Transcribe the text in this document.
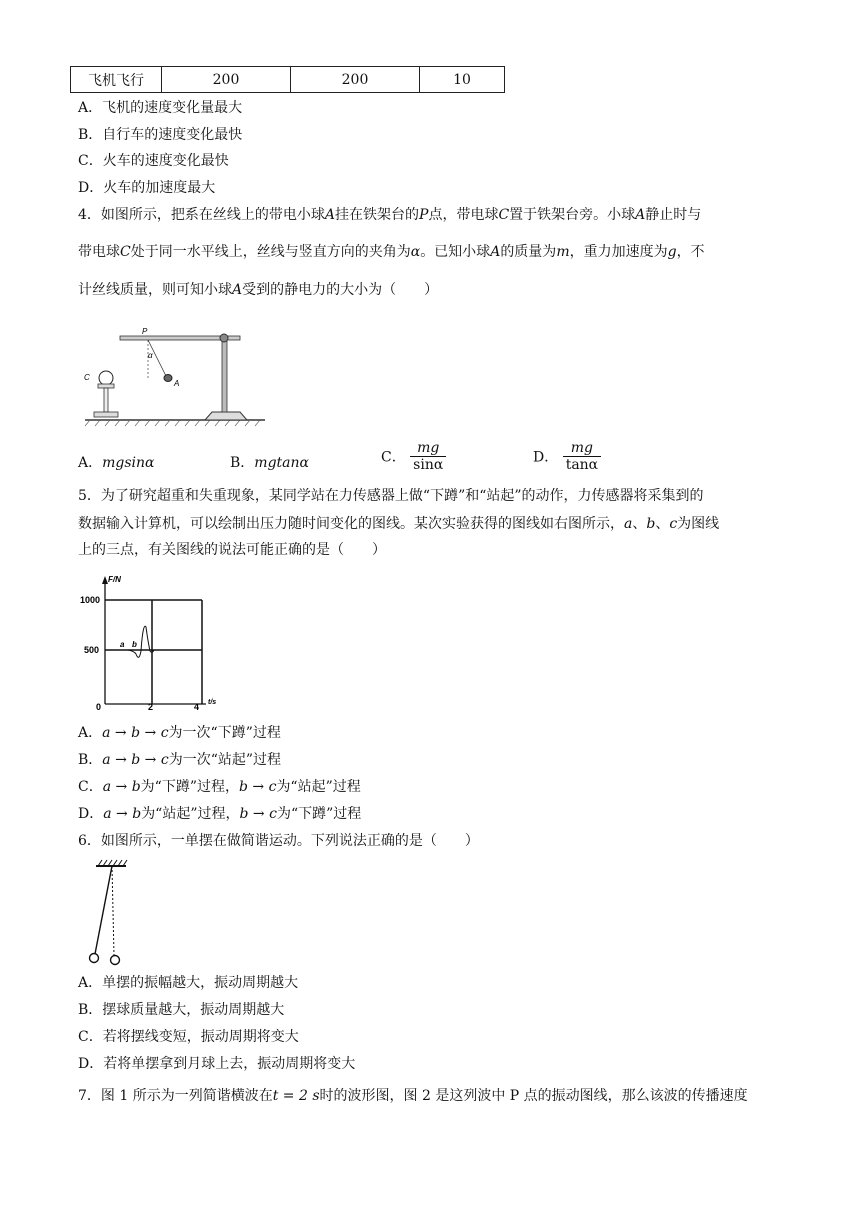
飞机飞行	200	200	10
A．飞机的速度变化量最大
B．自行车的速度变化最快
C．火车的速度变化最快
D．火车的加速度最大
4．如图所示，把系在丝线上的带电小球A挂在铁架台的P点，带电球C置于铁架台旁。小球A静止时与
带电球C处于同一水平线上，丝线与竖直方向的夹角为α。已知小球A的质量为m，重力加速度为g，不
计丝线质量，则可知小球A受到的静电力的大小为（　　）
P
α
A
C
A．mgsinα	B．mgtanα	C． $\frac{mg}{\sin\alpha}$	D． $\frac{mg}{\tan\alpha}$
5．为了研究超重和失重现象，某同学站在力传感器上做“下蹲”和“站起”的动作，力传感器将采集到的
数据输入计算机，可以绘制出压力随时间变化的图线。某次实验获得的图线如右图所示，a、b、c为图线
上的三点，有关图线的说法可能正确的是（　　）
F/N
1000
500
0	2	4 t/s
a b
A．a → b → c为一次“下蹲”过程
B．a → b → c为一次“站起”过程
C．a → b为“下蹲”过程，b → c为“站起”过程
D．a → b为“站起”过程，b → c为“下蹲”过程
6．如图所示，一单摆在做简谐运动。下列说法正确的是（　　）
A．单摆的振幅越大，振动周期越大
B．摆球质量越大，振动周期越大
C．若将摆线变短，振动周期将变大
D．若将单摆拿到月球上去，振动周期将变大
7．图 1 所示为一列简谐横波在t = 2 s时的波形图，图 2 是这列波中 P 点的振动图线，那么该波的传播速度
